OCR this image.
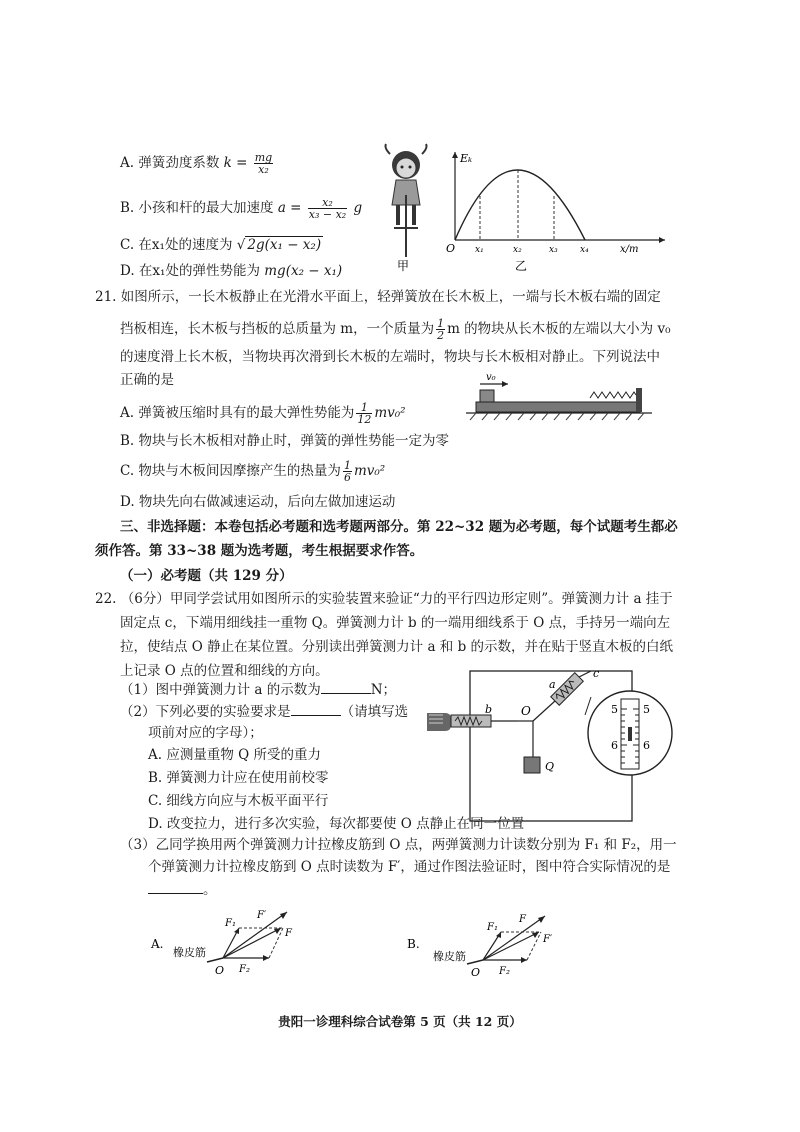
A. 弹簧劲度系数 $k = \frac{mg}{\text{x₂}}$
B. 小孩和杆的最大加速度 $a = \frac{\text{x₂}}{\text{x₃ − x₂}}$ g
C. 在x₁处的速度为 √ 2g(x₁ − x₂)
D. 在x₁处的弹性势能为 mg(x₂ − x₁)	甲
Eₖ
O x₁	x₂	x₃ x₄	x/m
乙
21. 如图所示，一长木板静止在光滑水平面上，轻弹簧放在长木板上，一端与长木板右端的固定
挡板相连，长木板与挡板的总质量为 m，一个质量为 $\frac{1}{2}$ m 的物块从长木板的左端以大小为 v₀
的速度滑上长木板，当物块再次滑到长木板的左端时，物块与长木板相对静止。下列说法中
正确的是	v₀
A. 弹簧被压缩时具有的最大弹性势能为 $\frac{1}{12} mv_0^2$
B. 物块与长木板相对静止时，弹簧的弹性势能一定为零
C. 物块与木板间因摩擦产生的热量为 $\frac{1}{6} mv_0^2$
D. 物块先向右做减速运动，后向左做加速运动
三、非选择题：本卷包括必考题和选考题两部分。第 22~32 题为必考题，每个试题考生都必
须作答。第 33~38 题为选考题，考生根据要求作答。
（一）必考题（共 129 分）
22. （6分）甲同学尝试用如图所示的实验装置来验证“力的平行四边形定则”。弹簧测力计 a 挂于
固定点 c，下端用细线挂一重物 Q。弹簧测力计 b 的一端用细线系于 O 点，手持另一端向左
拉，使结点 O 静止在某位置。分别读出弹簧测力计 a 和 b 的示数，并在贴于竖直木板的白纸
上记录 O 点的位置和细线的方向。
（1）图中弹簧测力计 a 的示数为	N；
（2）下列必要的实验要求是	（请填写选
项前对应的字母）；
A. 应测量重物 Q 所受的重力
B. 弹簧测力计应在使用前校零
C. 细线方向应与木板平面平行
D. 改变拉力，进行多次实验，每次都要使 O 点静止在同一位置
（3）乙同学换用两个弹簧测力计拉橡皮筋到 O 点，两弹簧测力计读数分别为 F₁ 和 F₂，用一
个弹簧测力计拉橡皮筋到 O 点时读数为 F′，通过作图法验证时，图中符合实际情况的是
。
b O
a
c
Q
5 5
6 6
A.
橡皮筋
O
F₁
F′
F
F₂
B.
橡皮筋
O
F₁
F
F′
F₂
贵阳一诊理科综合试卷第 5 页（共 12 页）
